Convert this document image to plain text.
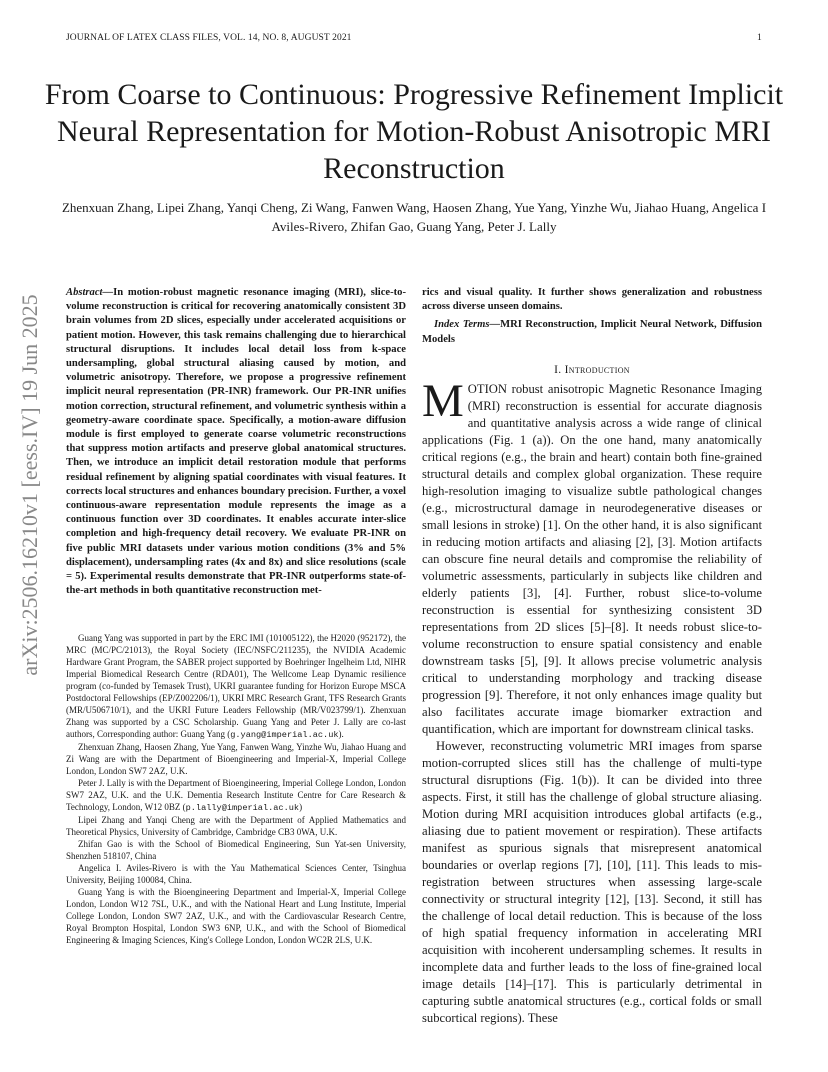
JOURNAL OF LATEX CLASS FILES, VOL. 14, NO. 8, AUGUST 2021	1
arXiv:2506.16210v1 [eess.IV] 19 Jun 2025
From Coarse to Continuous: Progressive Refinement Implicit Neural Representation for Motion-Robust Anisotropic MRI Reconstruction
Zhenxuan Zhang, Lipei Zhang, Yanqi Cheng, Zi Wang, Fanwen Wang, Haosen Zhang, Yue Yang, Yinzhe Wu, Jiahao Huang, Angelica I Aviles-Rivero, Zhifan Gao, Guang Yang, Peter J. Lally
Abstract—In motion-robust magnetic resonance imaging (MRI), slice-to-volume reconstruction is critical for recovering anatomically consistent 3D brain volumes from 2D slices, especially under accelerated acquisitions or patient motion. However, this task remains challenging due to hierarchical structural disruptions. It includes local detail loss from k-space undersampling, global structural aliasing caused by motion, and volumetric anisotropy. Therefore, we propose a progressive refinement implicit neural representation (PR-INR) framework. Our PR-INR unifies motion correction, structural refinement, and volumetric synthesis within a geometry-aware coordinate space. Specifically, a motion-aware diffusion module is first employed to generate coarse volumetric reconstructions that suppress motion artifacts and preserve global anatomical structures. Then, we introduce an implicit detail restoration module that performs residual refinement by aligning spatial coordinates with visual features. It corrects local structures and enhances boundary precision. Further, a voxel continuous-aware representation module represents the image as a continuous function over 3D coordinates. It enables accurate inter-slice completion and high-frequency detail recovery. We evaluate PR-INR on five public MRI datasets under various motion conditions (3% and 5% displacement), undersampling rates (4x and 8x) and slice resolutions (scale = 5). Experimental results demonstrate that PR-INR outperforms state-of-the-art methods in both quantitative reconstruction met-

Guang Yang was supported in part by the ERC IMI (101005122), the H2020 (952172), the MRC (MC/PC/21013), the Royal Society (IEC/NSFC/211235), the NVIDIA Academic Hardware Grant Program, the SABER project supported by Boehringer Ingelheim Ltd, NIHR Imperial Biomedical Research Centre (RDA01), The Wellcome Leap Dynamic resilience program (co-funded by Temasek Trust), UKRI guarantee funding for Horizon Europe MSCA Postdoctoral Fellowships (EP/Z002206/1), UKRI MRC Research Grant, TFS Research Grants (MR/U506710/1), and the UKRI Future Leaders Fellowship (MR/V023799/1). Zhenxuan Zhang was supported by a CSC Scholarship. Guang Yang and Peter J. Lally are co-last authors, Corresponding author: Guang Yang (g.yang@imperial.ac.uk).

Zhenxuan Zhang, Haosen Zhang, Yue Yang, Fanwen Wang, Yinzhe Wu, Jiahao Huang and Zi Wang are with the Department of Bioengineering and Imperial-X, Imperial College London, London SW7 2AZ, U.K.

Peter J. Lally is with the Department of Bioengineering, Imperial College London, London SW7 2AZ, U.K. and the U.K. Dementia Research Institute Centre for Care Research & Technology, London, W12 0BZ (p.lally@imperial.ac.uk)

Lipei Zhang and Yanqi Cheng are with the Department of Applied Mathematics and Theoretical Physics, University of Cambridge, Cambridge CB3 0WA, U.K.

Zhifan Gao is with the School of Biomedical Engineering, Sun Yat-sen University, Shenzhen 518107, China

Angelica I. Aviles-Rivero is with the Yau Mathematical Sciences Center, Tsinghua University, Beijing 100084, China.

Guang Yang is with the Bioengineering Department and Imperial-X, Imperial College London, London W12 7SL, U.K., and with the National Heart and Lung Institute, Imperial College London, London SW7 2AZ, U.K., and with the Cardiovascular Research Centre, Royal Brompton Hospital, London SW3 6NP, U.K., and with the School of Biomedical Engineering & Imaging Sciences, King's College London, London WC2R 2LS, U.K.

rics and visual quality. It further shows generalization and robustness across diverse unseen domains.
Index Terms—MRI Reconstruction, Implicit Neural Network, Diffusion Models
I. Introduction

MOTION robust anisotropic Magnetic Resonance Imaging (MRI) reconstruction is essential for accurate diagnosis and quantitative analysis across a wide range of clinical applications (Fig. 1 (a)). On the one hand, many anatomically critical regions (e.g., the brain and heart) contain both fine-grained structural details and complex global organization. These require high-resolution imaging to visualize subtle pathological changes (e.g., microstructural damage in neurodegenerative diseases or small lesions in stroke) [1]. On the other hand, it is also significant in reducing motion artifacts and aliasing [2], [3]. Motion artifacts can obscure fine neural details and compromise the reliability of volumetric assessments, particularly in subjects like children and elderly patients [3], [4]. Further, robust slice-to-volume reconstruction is essential for synthesizing consistent 3D representations from 2D slices [5]–[8]. It needs robust slice-to-volume reconstruction to ensure spatial consistency and enable downstream tasks [5], [9]. It allows precise volumetric analysis critical to understanding morphology and tracking disease progression [9]. Therefore, it not only enhances image quality but also facilitates accurate image biomarker extraction and quantification, which are important for downstream clinical tasks.

However, reconstructing volumetric MRI images from sparse motion-corrupted slices still has the challenge of multi-type structural disruptions (Fig. 1(b)). It can be divided into three aspects. First, it still has the challenge of global structure aliasing. Motion during MRI acquisition introduces global artifacts (e.g., aliasing due to patient movement or respiration). These artifacts manifest as spurious signals that misrepresent anatomical boundaries or overlap regions [7], [10], [11]. This leads to mis-registration between structures when assessing large-scale connectivity or structural integrity [12], [13]. Second, it still has the challenge of local detail reduction. This is because of the loss of high spatial frequency information in accelerating MRI acquisition with incoherent undersampling schemes. It results in incomplete data and further leads to the loss of fine-grained local image details [14]–[17]. This is particularly detrimental in capturing subtle anatomical structures (e.g., cortical folds or small subcortical regions). These
